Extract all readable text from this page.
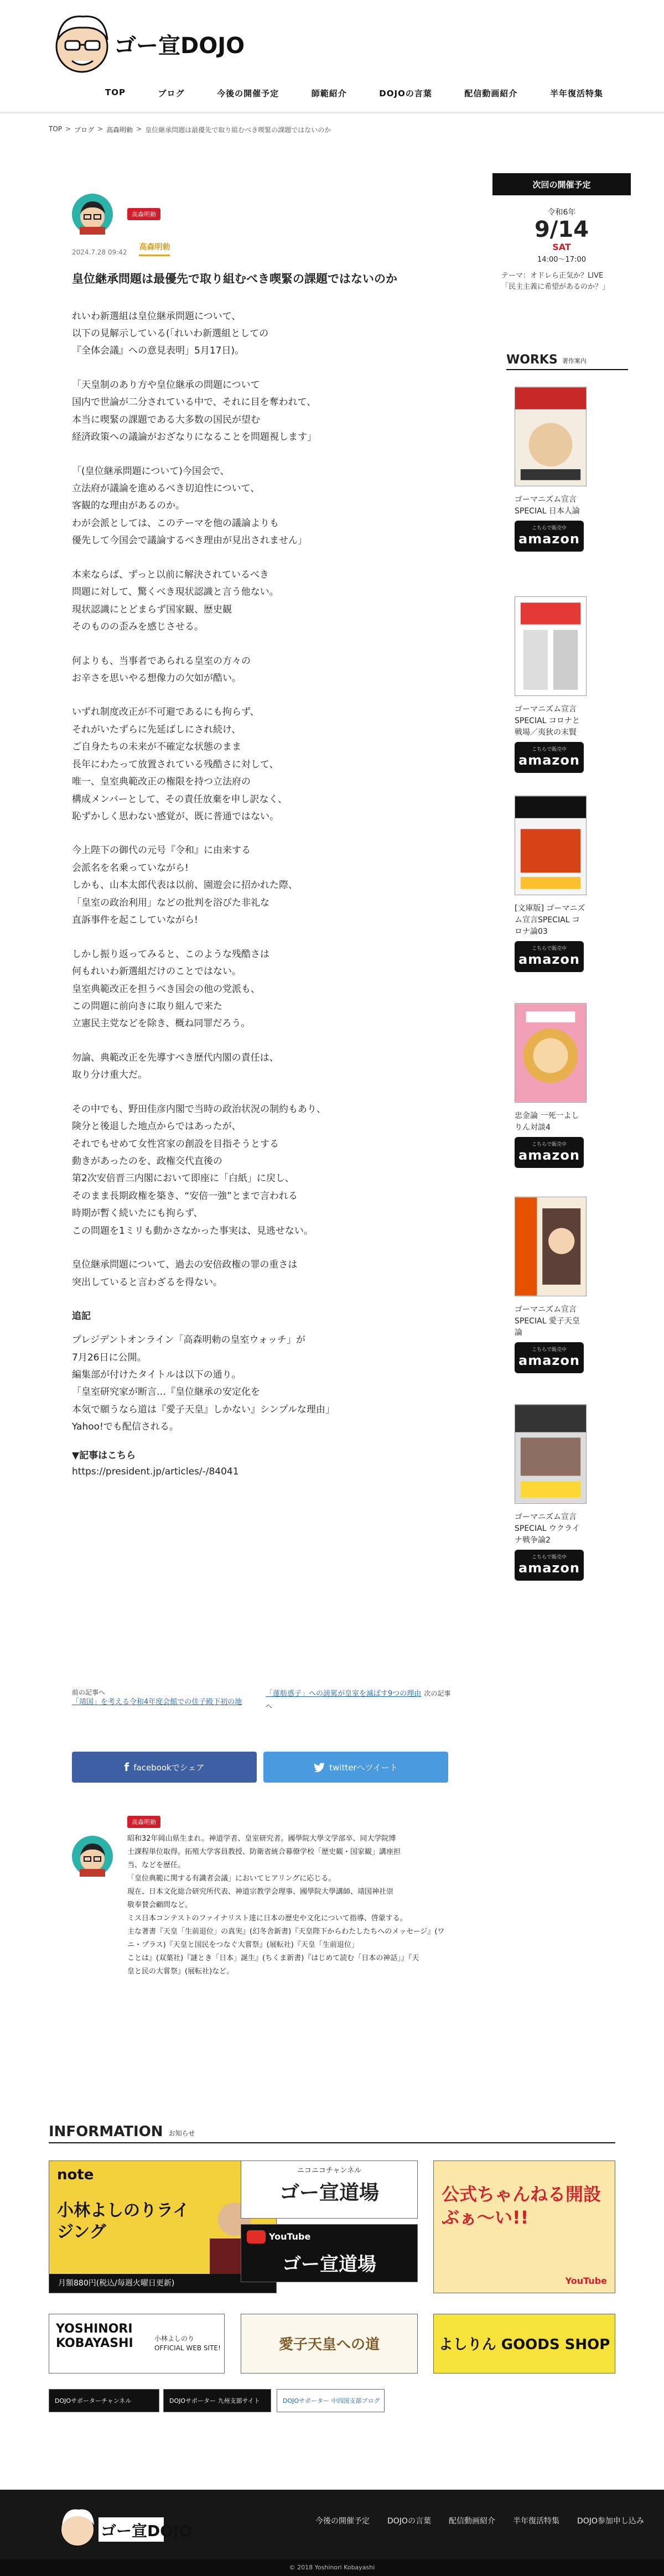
ゴー宣DOJO
TOP	ブログ	今後の開催予定	師範紹介	DOJOの言葉	配信動画紹介	半年復活特集
TOP > ブログ > 高森明勅 > 皇位継承問題は最優先で取り組むべき喫緊の課題ではないのか
高森明勅
2024.7.28 09:42
高森明勅
皇位継承問題は最優先で取り組むべき喫緊の課題ではないのか

れいわ新選組は皇位継承問題について、
以下の見解示している(「れいわ新選組としての
『全体会議』への意見表明」5月17日)。

「天皇制のあり方や皇位継承の問題について
国内で世論が二分されている中で、それに目を奪われて、
本当に喫緊の課題である大多数の国民が望む
経済政策への議論がおざなりになることを問題視します」

「(皇位継承問題について)今国会で、
立法府が議論を進めるべき切迫性について、
客観的な理由があるのか。
わが会派としては、このテーマを他の議論よりも
優先して今国会で議論するべき理由が見出されません」

本来ならば、ずっと以前に解決されているべき
問題に対して、驚くべき現状認識と言う他ない。
現状認識にとどまらず国家観、歴史観
そのものの歪みを感じさせる。

何よりも、当事者であられる皇室の方々の
お辛さを思いやる想像力の欠如が酷い。

いずれ制度改正が不可避であるにも拘らず、
それがいたずらに先延ばしにされ続け、
ご自身たちの未来が不確定な状態のまま
長年にわたって放置されている残酷さに対して、
唯一、皇室典範改正の権限を持つ立法府の
構成メンバーとして、その責任放棄を申し訳なく、
恥ずかしく思わない感覚が、既に普通ではない。

今上陛下の御代の元号『令和』に由来する
会派名を名乗っていながら!
しかも、山本太郎代表は以前、園遊会に招かれた際、
「皇室の政治利用」などの批判を浴びた非礼な
直訴事件を起こしていながら!

しかし振り返ってみると、このような残酷さは
何もれいわ新選組だけのことではない。
皇室典範改正を担うべき国会の他の党派も、
この問題に前向きに取り組んで来た
立憲民主党などを除き、概ね同罪だろう。

勿論、典範改正を先導すべき歴代内閣の責任は、
取り分け重大だ。

その中でも、野田佳彦内閣で当時の政治状況の制約もあり、
険分と後退した地点からではあったが、
それでもせめて女性宮家の創設を目指そうとする
動きがあったのを、政権交代直後の
第2次安倍晋三内閣において即座に「白紙」に戻し、
そのまま長期政権を築き、“安倍一強”とまで言われる
時期が暫く続いたにも拘らず、
この問題を1ミリも動かさなかった事実は、見逃せない。

皇位継承問題について、過去の安倍政権の罪の重さは
突出していると言わざるを得ない。

追記

プレジデントオンライン「高森明勅の皇室ウォッチ」が
7月26日に公開。
編集部が付けたタイトルは以下の通り。
「皇室研究家が断言…『皇位継承の安定化を
本気で願うなら道は『愛子天皇』しかない』シンプルな理由」
Yahoo!でも配信される。

▼記事はこちら

https://president.jp/articles/-/84041

前の記事へ
「靖国」を考える令和4年度会館での佳子殿下初の地
「蓮舫惑子」への謗罵が皇室を滅ぼす9つの理由 次の記事へ
f facebookでシェア	twitterへツイート
高森明勅

昭和32年岡山県生まれ。神道学者、皇室研究者。國學院大學文学部卒、同大学院博
士課程単位取得。拓殖大学客員教授、防衛省統合幕僚学校「歴史観・国家観」講座担
当、などを歴任。
「皇位典範に関する有識者会議」においてヒアリングに応じる。
現在、日本文化総合研究所代表、神道宗教学会理事、國學院大學講師、靖国神社崇
敬奉賛会顧問など。
ミス日本コンテストのファイナリスト達に日本の歴史や文化について指導、啓蒙する。
主な著書『天皇「生前退位」の真実』(幻冬舎新書)『天皇陛下からわたしたちへのメッセージ』(ワニ・プラス)『天皇と国民をつなぐ大嘗祭』(展転社)『天皇「生前退位」
ことは』(双葉社)『謎とき「日本」誕生』(ちくま新書)『はじめて読む「日本の神話」』『天
皇と民の大嘗祭』(展転社)など。

次回の開催予定
令和6年
9/14
SAT
14:00〜17:00
テーマ：オドレら正気か？LIVE
「民主主義に希望があるのか？」
WORKS 著作案内
ゴーマニズム宣言
SPECIAL 日本人論
こちらで販売中
amazon
ゴーマニズム宣言
SPECIAL コロナと
戦場／夷狄の末賢
こちらで販売中
amazon
[文庫版] ゴーマニズ
ム宣言SPECIAL コ
ロナ論03
こちらで販売中
amazon
忠金論 一死一よし
りん対談4
こちらで販売中
amazon
ゴーマニズム宣言
SPECIAL 愛子天皇
論
こちらで販売中
amazon
ゴーマニズム宣言
SPECIAL ウクライ
ナ戦争論2
こちらで販売中
amazon
INFORMATION お知らせ
note
小林よしのりライジング
月額880円(税込/毎週火曜日更新)
ニコニコチャンネル
ゴー宣道場
YouTube
ゴー宣道場
公式ちゃんねる開設ぶぁ〜い!!
YouTube
YOSHINORI KOBAYASHI	小林よしのり OFFICIAL WEB SITE!	愛子天皇への道	よしりん GOODS SHOP
DOJOサポーターチャンネル	DOJOサポーター 九州支部サイト	DOJOサポーター 中四国支部ブログ
ゴー宣DOJO
今後の開催予定 DOJOの言葉 配信動画紹介 半年復活特集 DOJO参加申し込み
© 2018 Yoshinori Kobayashi
